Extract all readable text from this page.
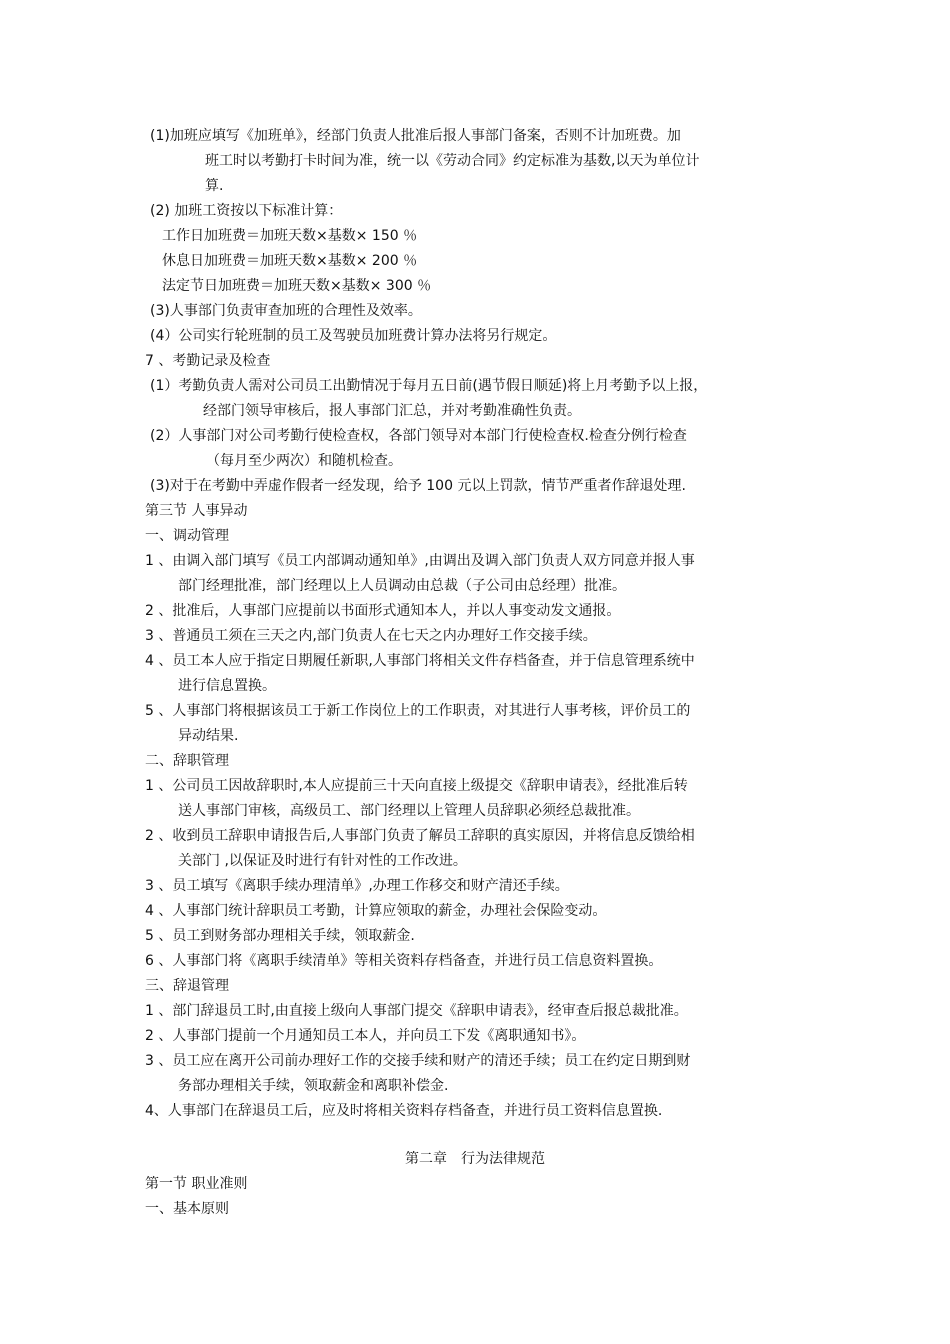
(1)加班应填写《加班单》，经部门负责人批准后报人事部门备案，否则不计加班费。加
班工时以考勤打卡时间为准，统一以《劳动合同》约定标准为基数,以天为单位计
算.
(2) 加班工资按以下标准计算：
工作日加班费＝加班天数×基数× 150 ％
休息日加班费＝加班天数×基数× 200 ％
法定节日加班费＝加班天数×基数× 300 ％
(3)人事部门负责审查加班的合理性及效率。
(4）公司实行轮班制的员工及驾驶员加班费计算办法将另行规定。
7 、考勤记录及检查
(1）考勤负责人需对公司员工出勤情况于每月五日前(遇节假日顺延)将上月考勤予以上报，
经部门领导审核后，报人事部门汇总，并对考勤准确性负责。
(2）人事部门对公司考勤行使检查权，各部门领导对本部门行使检查权.检查分例行检查
（每月至少两次）和随机检查。
(3)对于在考勤中弄虚作假者一经发现，给予 100 元以上罚款，情节严重者作辞退处理.
第三节 人事异动
一、调动管理
1 、由调入部门填写《员工内部调动通知单》,由调出及调入部门负责人双方同意并报人事
部门经理批准，部门经理以上人员调动由总裁（子公司由总经理）批准。
2 、批准后，人事部门应提前以书面形式通知本人，并以人事变动发文通报。
3 、普通员工须在三天之内,部门负责人在七天之内办理好工作交接手续。
4 、员工本人应于指定日期履任新职,人事部门将相关文件存档备查，并于信息管理系统中
进行信息置换。
5 、人事部门将根据该员工于新工作岗位上的工作职责，对其进行人事考核，评价员工的
异动结果.
二、辞职管理
1 、公司员工因故辞职时,本人应提前三十天向直接上级提交《辞职申请表》，经批准后转
送人事部门审核，高级员工、部门经理以上管理人员辞职必须经总裁批准。
2 、收到员工辞职申请报告后,人事部门负责了解员工辞职的真实原因，并将信息反馈给相
关部门 ,以保证及时进行有针对性的工作改进。
3 、员工填写《离职手续办理清单》,办理工作移交和财产清还手续。
4 、人事部门统计辞职员工考勤，计算应领取的薪金，办理社会保险变动。
5 、员工到财务部办理相关手续，领取薪金.
6 、人事部门将《离职手续清单》等相关资料存档备查，并进行员工信息资料置换。
三、辞退管理
1 、部门辞退员工时,由直接上级向人事部门提交《辞职申请表》，经审查后报总裁批准。
2 、人事部门提前一个月通知员工本人，并向员工下发《离职通知书》。
3 、员工应在离开公司前办理好工作的交接手续和财产的清还手续；员工在约定日期到财
务部办理相关手续，领取薪金和离职补偿金.
4、人事部门在辞退员工后，应及时将相关资料存档备查，并进行员工资料信息置换.
第二章　行为法律规范
第一节 职业准则
一、基本原则
